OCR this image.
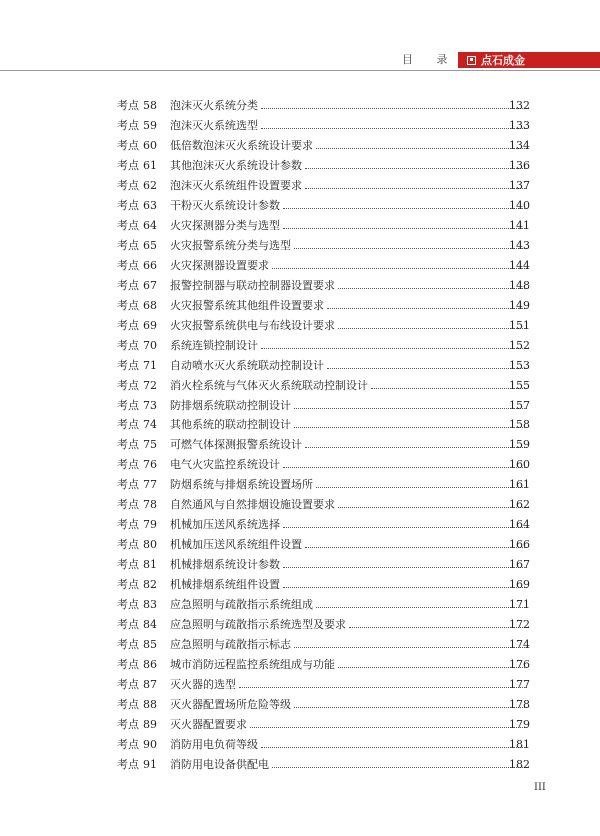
目 录 点石成金
考点 58 泡沫灭火系统分类	132
考点 59 泡沫灭火系统选型	133
考点 60 低倍数泡沫灭火系统设计要求	134
考点 61 其他泡沫灭火系统设计参数	136
考点 62 泡沫灭火系统组件设置要求	137
考点 63 干粉灭火系统设计参数	140
考点 64 火灾探测器分类与选型	141
考点 65 火灾报警系统分类与选型	143
考点 66 火灾探测器设置要求	144
考点 67 报警控制器与联动控制器设置要求	148
考点 68 火灾报警系统其他组件设置要求	149
考点 69 火灾报警系统供电与布线设计要求	151
考点 70 系统连锁控制设计	152
考点 71 自动喷水灭火系统联动控制设计	153
考点 72 消火栓系统与气体灭火系统联动控制设计	155
考点 73 防排烟系统联动控制设计	157
考点 74 其他系统的联动控制设计	158
考点 75 可燃气体探测报警系统设计	159
考点 76 电气火灾监控系统设计	160
考点 77 防烟系统与排烟系统设置场所	161
考点 78 自然通风与自然排烟设施设置要求	162
考点 79 机械加压送风系统选择	164
考点 80 机械加压送风系统组件设置	166
考点 81 机械排烟系统设计参数	167
考点 82 机械排烟系统组件设置	169
考点 83 应急照明与疏散指示系统组成	171
考点 84 应急照明与疏散指示系统选型及要求	172
考点 85 应急照明与疏散指示标志	174
考点 86 城市消防远程监控系统组成与功能	176
考点 87 灭火器的选型	177
考点 88 灭火器配置场所危险等级	178
考点 89 灭火器配置要求	179
考点 90 消防用电负荷等级	181
考点 91 消防用电设备供配电	182
III
